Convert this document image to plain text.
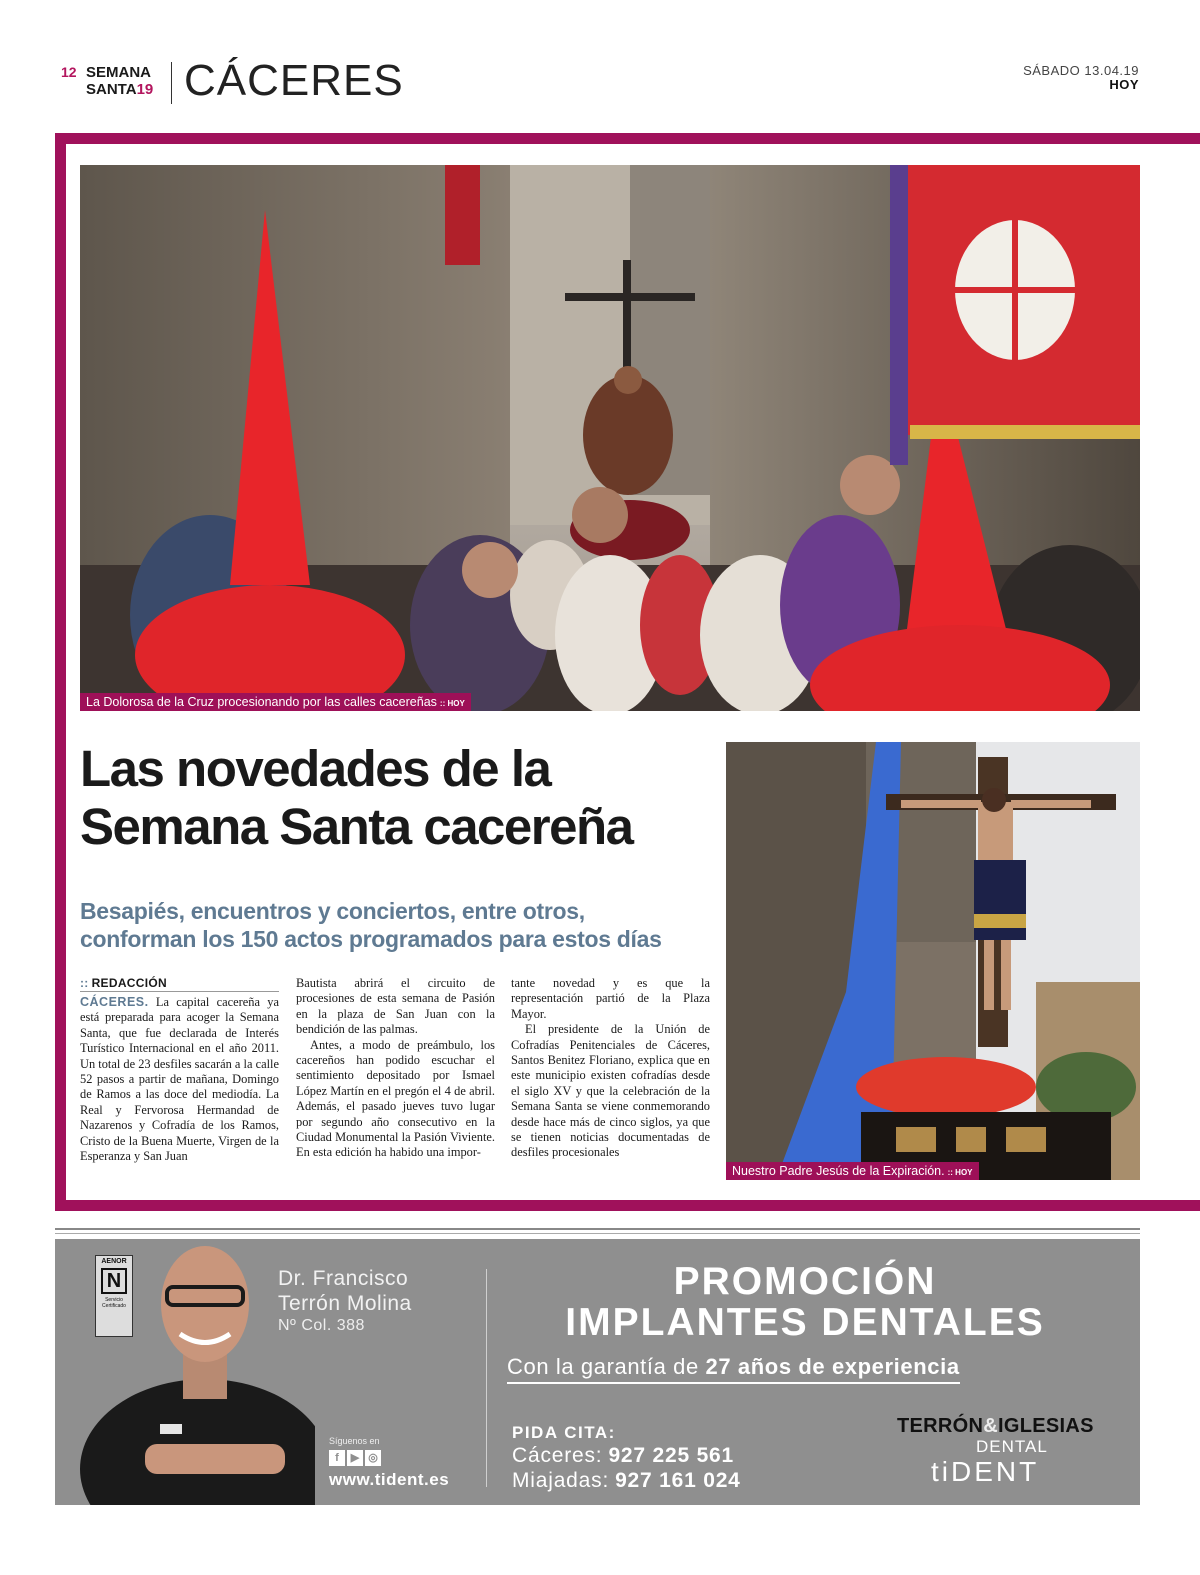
12 SEMANA
SANTA19 CÁCERES	SÁBADO 13.04.19
HOY
La Dolorosa de la Cruz procesionando por las calles cacereñas :: HOY
Las novedades de la
Semana Santa cacereña
Besapiés, encuentros y conciertos, entre otros,
conforman los 150 actos programados para estos días
:: REDACCIÓN

CÁCERES. La capital cacereña ya está preparada para acoger la Semana Santa, que fue declarada de Interés Turístico Internacional en el año 2011. Un total de 23 desfiles sacarán a la calle 52 pasos a partir de mañana, Domingo de Ramos a las doce del mediodía. La Real y Fervorosa Hermandad de Nazarenos y Cofradía de los Ramos, Cristo de la Buena Muerte, Virgen de la Esperanza y San Juan

Bautista abrirá el circuito de procesiones de esta semana de Pasión en la plaza de San Juan con la bendición de las palmas.

Antes, a modo de preámbulo, los cacereños han podido escuchar el sentimiento depositado por Ismael López Martín en el pregón el 4 de abril. Además, el pasado jueves tuvo lugar por segundo año consecutivo en la Ciudad Monumental la Pasión Viviente. En esta edición ha habido una impor-

tante novedad y es que la representación partió de la Plaza Mayor.

El presidente de la Unión de Cofradías Penitenciales de Cáceres, Santos Benitez Floriano, explica que en este municipio existen cofradías desde el siglo XV y que la celebración de la Semana Santa se viene conmemorando desde hace más de cinco siglos, ya que se tienen noticias documentadas de desfiles procesionales

Nuestro Padre Jesús de la Expiración. :: HOY
AENOR
N
Servicio Certificado
Dr. Francisco
Terrón Molina
Nº Col. 388
Síguenos en
f ▶ ◎
www.tident.es
PROMOCIÓN
IMPLANTES DENTALES
Con la garantía de 27 años de experiencia
PIDA CITA:
Cáceres: 927 225 561
Miajadas: 927 161 024
TERRÓN&IGLESIAS
DENTAL
tiDENT
